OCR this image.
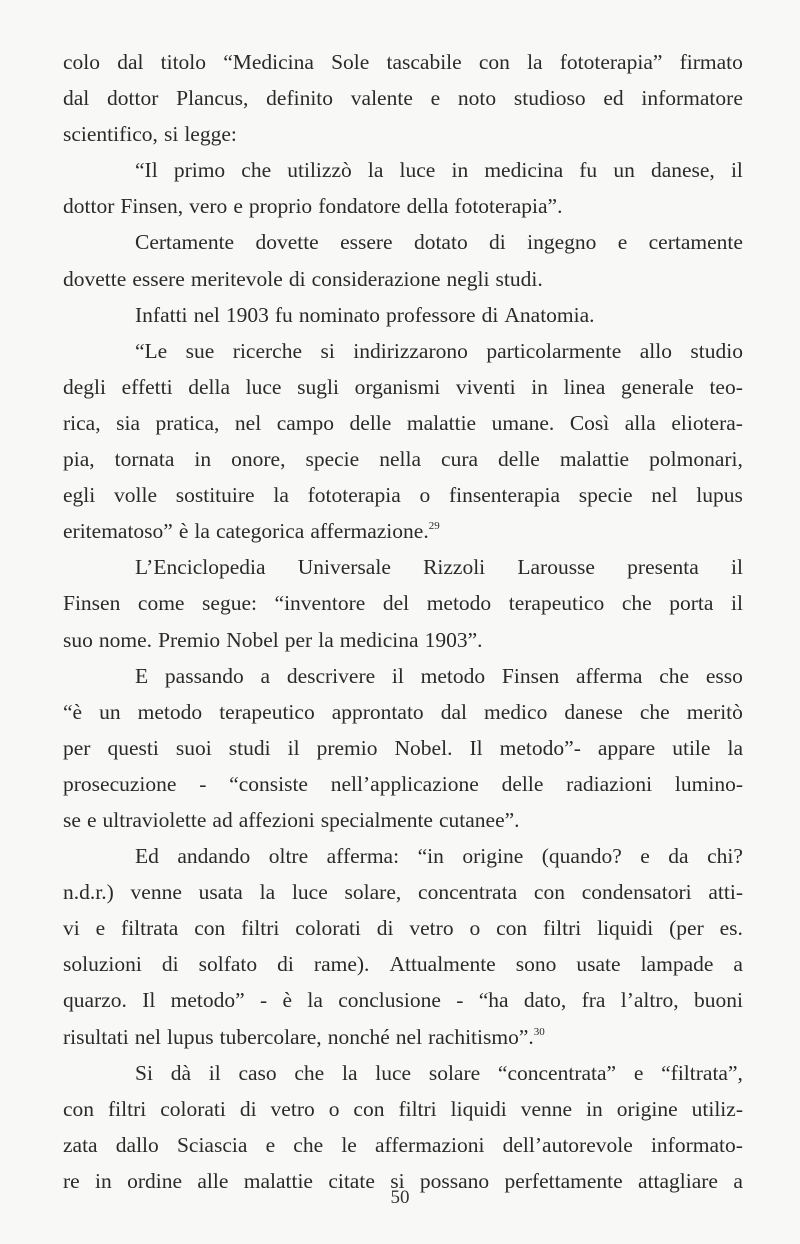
colo dal titolo “Medicina Sole tascabile con la fototerapia” firmato
dal dottor Plancus, definito valente e noto studioso ed informatore
scientifico, si legge:
“Il primo che utilizzò la luce in medicina fu un danese, il
dottor Finsen, vero e proprio fondatore della fototerapia”.
Certamente dovette essere dotato di ingegno e certamente
dovette essere meritevole di considerazione negli studi.
Infatti nel 1903 fu nominato professore di Anatomia.
“Le sue ricerche si indirizzarono particolarmente allo studio
degli effetti della luce sugli organismi viventi in linea generale teo-
rica, sia pratica, nel campo delle malattie umane. Così alla eliotera-
pia, tornata in onore, specie nella cura delle malattie polmonari,
egli volle sostituire la fototerapia o finsenterapia specie nel lupus
eritematoso” è la categorica affermazione.$^{29}$
L’Enciclopedia Universale Rizzoli Larousse presenta il
Finsen come segue: “inventore del metodo terapeutico che porta il
suo nome. Premio Nobel per la medicina 1903”.
E passando a descrivere il metodo Finsen afferma che esso
“è un metodo terapeutico approntato dal medico danese che meritò
per questi suoi studi il premio Nobel. Il metodo”- appare utile la
prosecuzione - “consiste nell’applicazione delle radiazioni lumino-
se e ultraviolette ad affezioni specialmente cutanee”.
Ed andando oltre afferma: “in origine (quando? e da chi?
n.d.r.) venne usata la luce solare, concentrata con condensatori atti-
vi e filtrata con filtri colorati di vetro o con filtri liquidi (per es.
soluzioni di solfato di rame). Attualmente sono usate lampade a
quarzo. Il metodo” - è la conclusione - “ha dato, fra l’altro, buoni
risultati nel lupus tubercolare, nonché nel rachitismo”.$^{30}$
Si dà il caso che la luce solare “concentrata” e “filtrata”,
con filtri colorati di vetro o con filtri liquidi venne in origine utiliz-
zata dallo Sciascia e che le affermazioni dell’autorevole informato-
re in ordine alle malattie citate si possano perfettamente attagliare a
50
